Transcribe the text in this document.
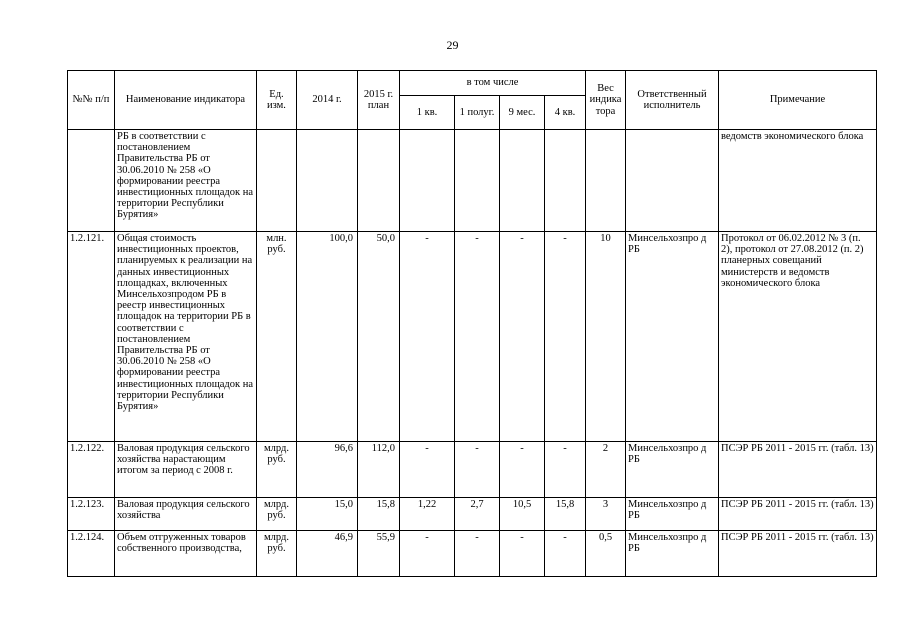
29
№№ п/п	Наименование индикатора	Ед. изм.	2014 г.	2015 г. план	в том числе				Вес индика тора	Ответственный исполнитель	Примечание
					1 кв.	1 полуг.	9 мес.	4 кв.			
	РБ в соответствии с постановлением Правительства РБ от 30.06.2010 № 258 «О формировании реестра инвестиционных площадок на территории Республики Бурятия»										ведомств экономического блока
1.2.121.	Общая стоимость инвестиционных проектов, планируемых к реализации на данных инвестиционных площадках, включенных Минсельхозпродом РБ в реестр инвестиционных площадок на территории РБ в соответствии с постановлением Правительства РБ от 30.06.2010 № 258 «О формировании реестра инвестиционных площадок на территории Республики Бурятия»	млн. руб.	100,0	50,0	-	-	-	-	10	Минсельхозпро д РБ	Протокол от 06.02.2012 № 3 (п. 2), протокол от 27.08.2012 (п. 2) планерных совещаний министерств и ведомств экономического блока
1.2.122.	Валовая продукция сельского хозяйства нарастающим итогом за период с 2008 г.	млрд. руб.	96,6	112,0	-	-	-	-	2	Минсельхозпро д РБ	ПСЭР РБ 2011 - 2015 гг. (табл. 13)
1.2.123.	Валовая продукция сельского хозяйства	млрд. руб.	15,0	15,8	1,22	2,7	10,5	15,8	3	Минсельхозпро д РБ	ПСЭР РБ 2011 - 2015 гг. (табл. 13)
1.2.124.	Объем отгруженных товаров собственного производства,	млрд. руб.	46,9	55,9	-	-	-	-	0,5	Минсельхозпро д РБ	ПСЭР РБ 2011 - 2015 гг. (табл. 13)
